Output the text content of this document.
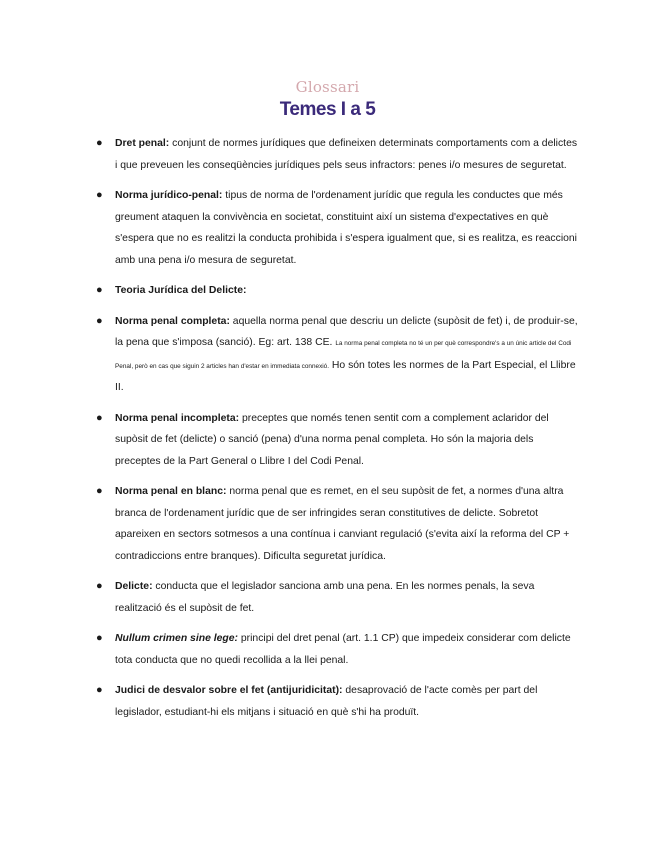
Glossari
Temes I a 5
● Dret penal: conjunt de normes jurídiques que defineixen determinats comportaments com a delictes i que preveuen les conseqüències jurídiques pels seus infractors: penes i/o mesures de seguretat.
● Norma jurídico-penal: tipus de norma de l'ordenament jurídic que regula les conductes que més greument ataquen la convivència en societat, constituint així un sistema d'expectatives en què s'espera que no es realitzi la conducta prohibida i s'espera igualment que, si es realitza, es reaccioni amb una pena i/o mesura de seguretat.
● Teoria Jurídica del Delicte:
● Norma penal completa: aquella norma penal que descriu un delicte (supòsit de fet) i, de produir-se, la pena que s'imposa (sanció). Eg: art. 138 CE. La norma penal completa no té un per què correspondre's a un únic article del Codi Penal, però en cas que siguin 2 articles han d'estar en immediata connexió. Ho són totes les normes de la Part Especial, el Llibre II.
● Norma penal incompleta: preceptes que només tenen sentit com a complement aclaridor del supòsit de fet (delicte) o sanció (pena) d'una norma penal completa. Ho són la majoria dels preceptes de la Part General o Llibre I del Codi Penal.
● Norma penal en blanc: norma penal que es remet, en el seu supòsit de fet, a normes d'una altra branca de l'ordenament jurídic que de ser infringides seran constitutives de delicte. Sobretot apareixen en sectors sotmesos a una contínua i canviant regulació (s'evita així la reforma del CP + contradiccions entre branques). Dificulta seguretat jurídica.
● Delicte: conducta que el legislador sanciona amb una pena. En les normes penals, la seva realització és el supòsit de fet.
● Nullum crimen sine lege: principi del dret penal (art. 1.1 CP) que impedeix considerar com delicte tota conducta que no quedi recollida a la llei penal.
● Judici de desvalor sobre el fet (antijuridicitat): desaprovació de l'acte comès per part del legislador, estudiant-hi els mitjans i situació en què s'hi ha produït.
